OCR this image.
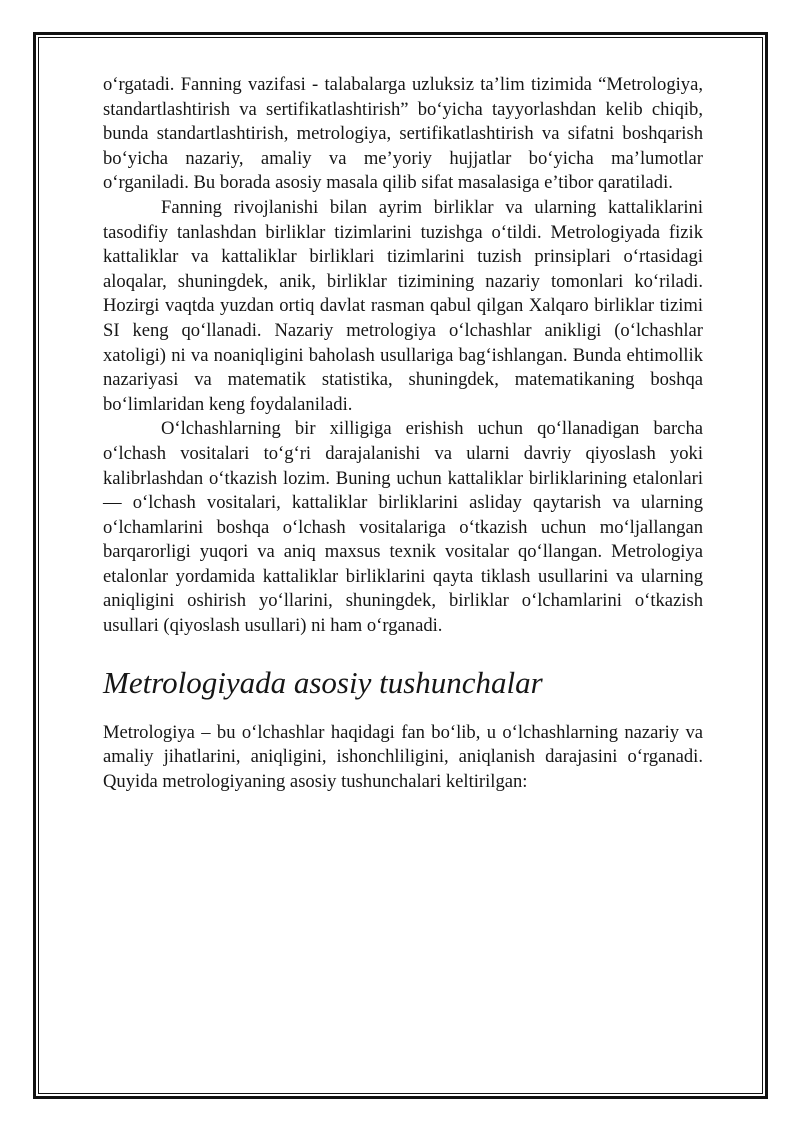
o‘rgatadi. Fanning vazifasi - talabalarga uzluksiz ta’lim tizimida “Metrologiya, standartlashtirish va sertifikatlashtirish” bo‘yicha tayyorlashdan kelib chiqib, bunda standartlashtirish, metrologiya, sertifikatlashtirish va sifatni boshqarish bo‘yicha nazariy, amaliy va me’yoriy hujjatlar bo‘yicha ma’lumotlar o‘rganiladi. Bu borada asosiy masala qilib sifat masalasiga e’tibor qaratiladi.

Fanning rivojlanishi bilan ayrim birliklar va ularning kattaliklarini tasodifiy tanlashdan birliklar tizimlarini tuzishga o‘tildi. Metrologiyada fizik kattaliklar va kattaliklar birliklari tizimlarini tuzish prinsiplari o‘rtasidagi aloqalar, shuningdek, anik, birliklar tizimining nazariy tomonlari ko‘riladi. Hozirgi vaqtda yuzdan ortiq davlat rasman qabul qilgan Xalqaro birliklar tizimi SI keng qo‘llanadi. Nazariy metrologiya o‘lchashlar anikligi (o‘lchashlar xatoligi) ni va noaniqligini baholash usullariga bag‘ishlangan. Bunda ehtimollik nazariyasi va matematik statistika, shuningdek, matematikaning boshqa bo‘limlaridan keng foydalaniladi.

O‘lchashlarning bir xilligiga erishish uchun qo‘llanadigan barcha o‘lchash vositalari to‘g‘ri darajalanishi va ularni davriy qiyoslash yoki kalibrlashdan o‘tkazish lozim. Buning uchun kattaliklar birliklarining etalonlari — o‘lchash vositalari, kattaliklar birliklarini asliday qaytarish va ularning o‘lchamlarini boshqa o‘lchash vositalariga o‘tkazish uchun mo‘ljallangan barqarorligi yuqori va aniq maxsus texnik vositalar qo‘llangan. Metrologiya etalonlar yordamida kattaliklar birliklarini qayta tiklash usullarini va ularning aniqligini oshirish yo‘llarini, shuningdek, birliklar o‘lchamlarini o‘tkazish usullari (qiyoslash usullari) ni ham o‘rganadi.

Metrologiyada asosiy tushunchalar

Metrologiya – bu o‘lchashlar haqidagi fan bo‘lib, u o‘lchashlarning nazariy va amaliy jihatlarini, aniqligini, ishonchliligini, aniqlanish darajasini o‘rganadi. Quyida metrologiyaning asosiy tushunchalari keltirilgan:
